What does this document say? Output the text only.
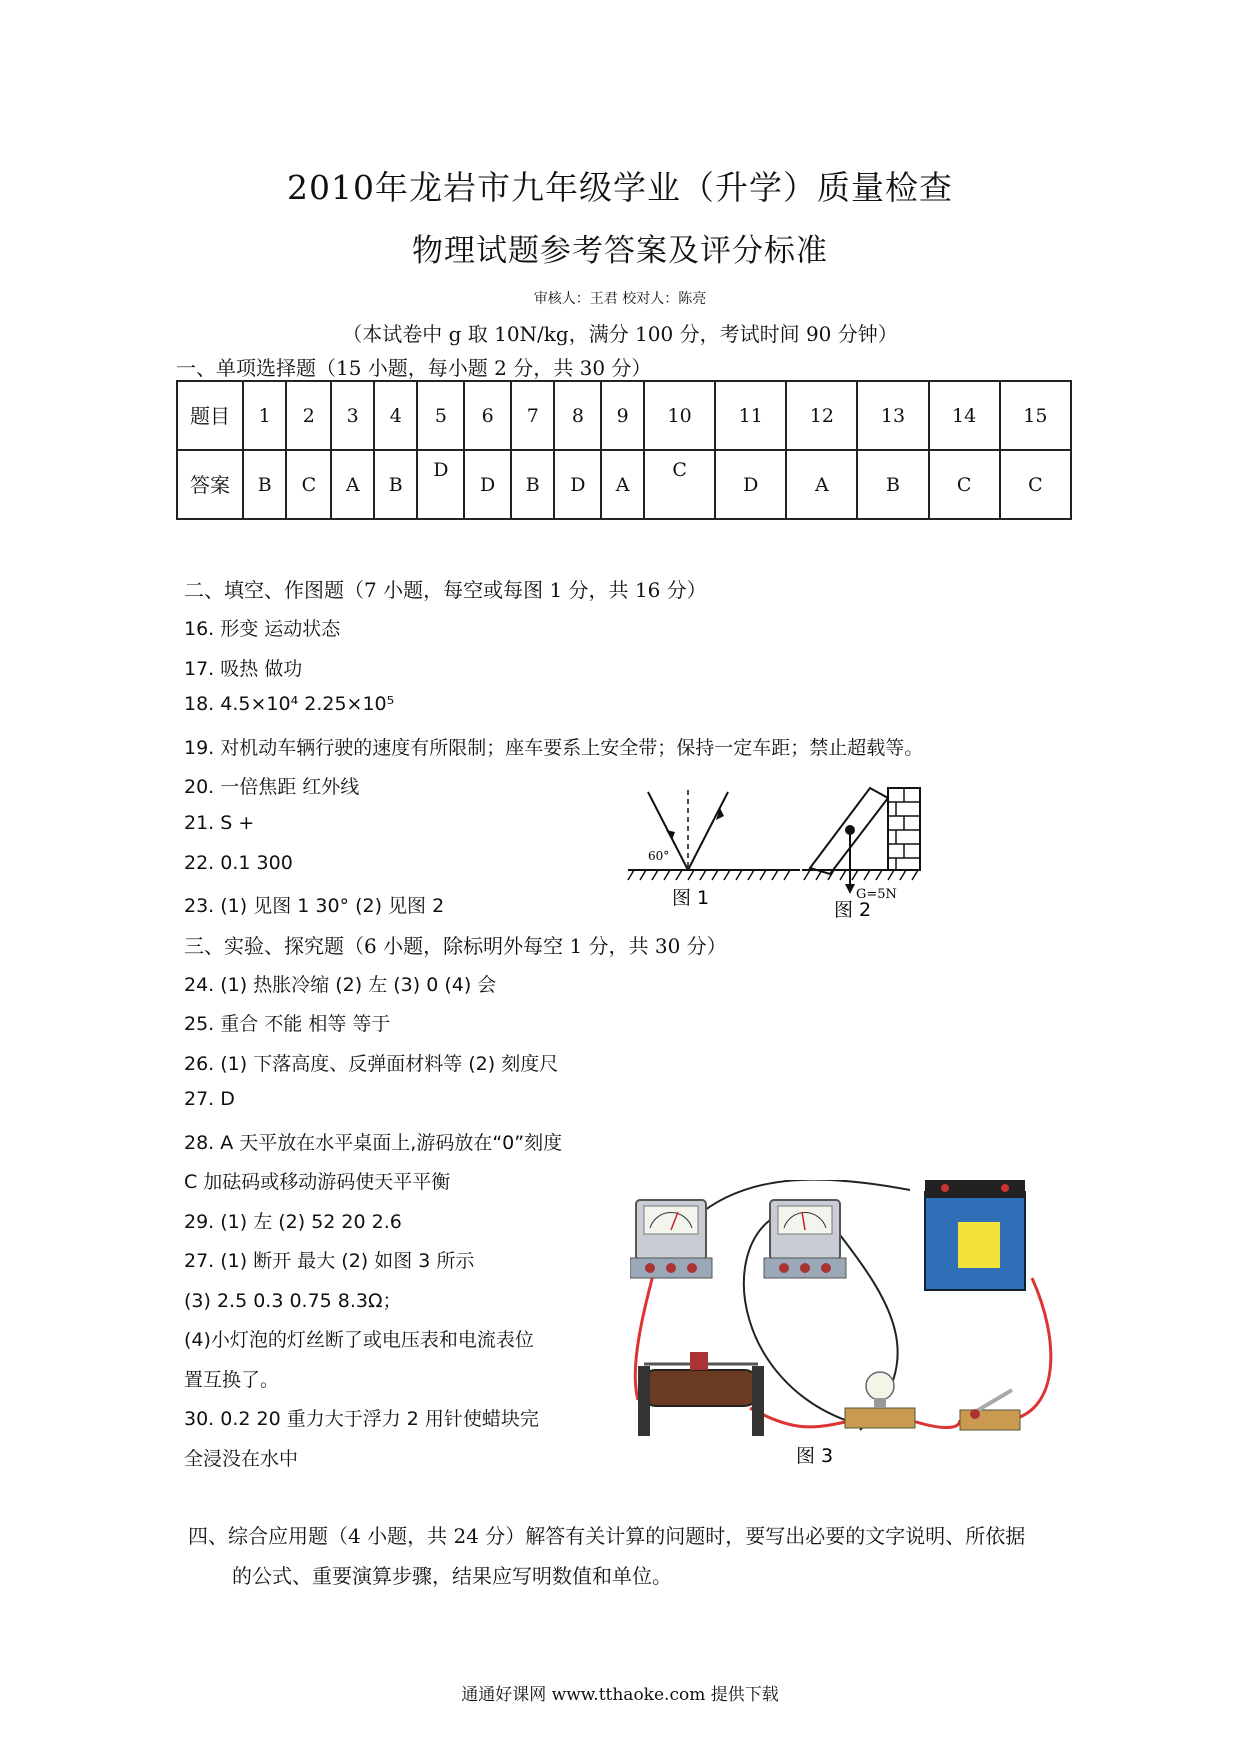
2010年龙岩市九年级学业（升学）质量检查
物理试题参考答案及评分标准
审核人：王君 校对人：陈亮
（本试卷中 g 取 10N/kg，满分 100 分，考试时间 90 分钟）
一、单项选择题（15 小题，每小题 2 分，共 30 分）
题目	1	2	3	4	5	6	7	8	9	10	11	12	13	14	15
答案	B	C	A	B	D	D	B	D	A	C	D	A	B	C	C
二、填空、作图题（7 小题，每空或每图 1 分，共 16 分）
16. 形变 运动状态
17. 吸热 做功
18. 4.5×10⁴ 2.25×10⁵
19. 对机动车辆行驶的速度有所限制；座车要系上安全带；保持一定车距；禁止超载等。
20. 一倍焦距 红外线
21. S +
22. 0.1 300
23. (1) 见图 1 30° (2) 见图 2
60°
图 1	G=5N
图 2
三、实验、探究题（6 小题，除标明外每空 1 分，共 30 分）
24. (1) 热胀冷缩 (2) 左 (3) 0 (4) 会
25. 重合 不能 相等 等于
26. (1) 下落高度、反弹面材料等 (2) 刻度尺
27. D
28. A 天平放在水平桌面上,游码放在“0”刻度
C 加砝码或移动游码使天平平衡
29. (1) 左 (2) 52 20 2.6
27. (1) 断开 最大 (2) 如图 3 所示
(3) 2.5 0.3 0.75 8.3Ω；
(4)小灯泡的灯丝断了或电压表和电流表位
置互换了。
30. 0.2 20 重力大于浮力 2 用针使蜡块完
全浸没在水中	图 3
四、综合应用题（4 小题，共 24 分）解答有关计算的问题时，要写出必要的文字说明、所依据
的公式、重要演算步骤，结果应写明数值和单位。
通通好课网 www.tthaoke.com 提供下载
